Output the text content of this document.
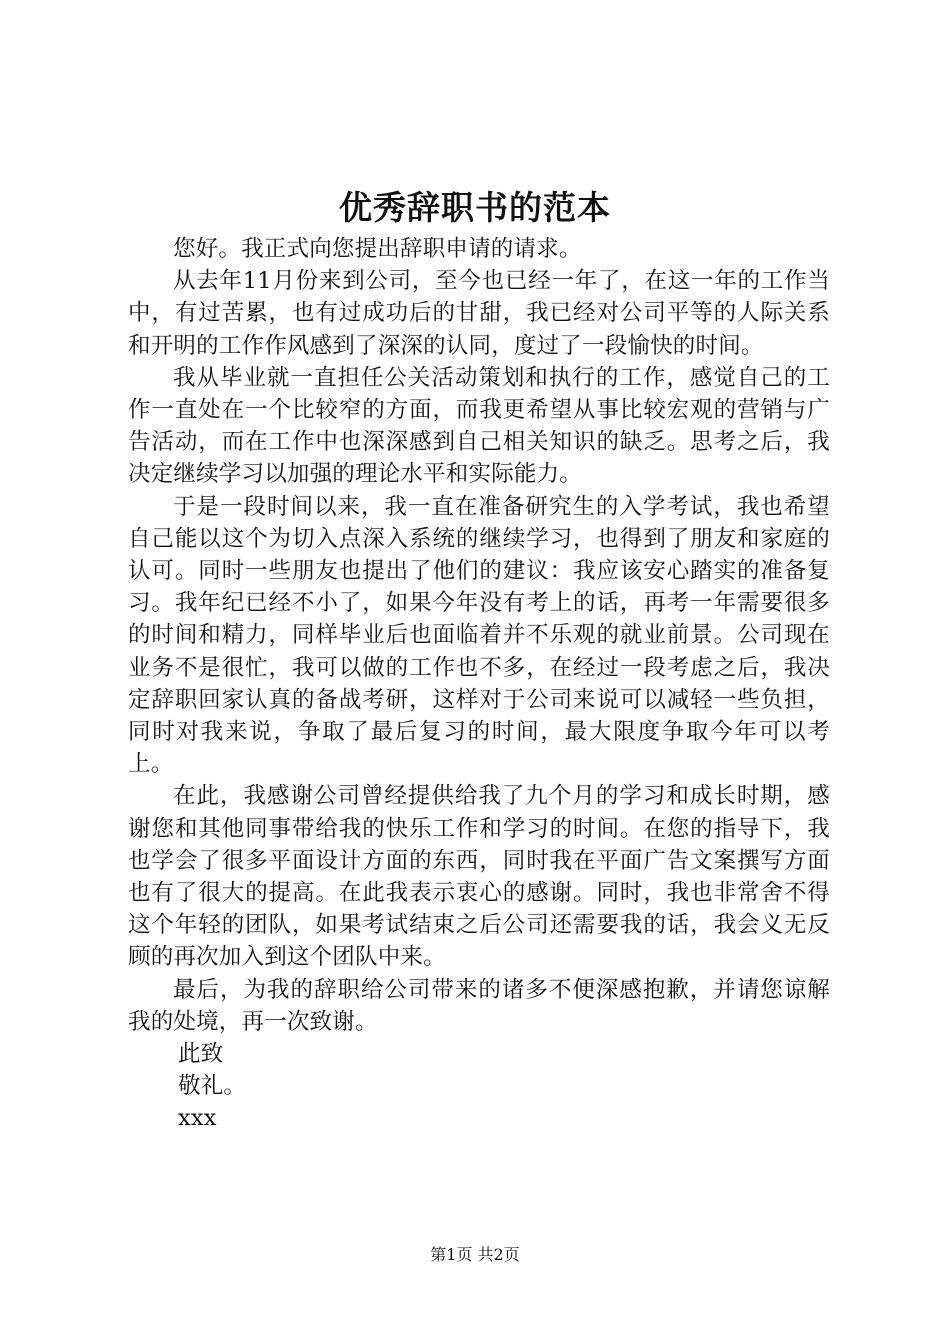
优秀辞职书的范本

您好。我正式向您提出辞职申请的请求。

从去年11月份来到公司，至今也已经一年了，在这一年的工作当中，有过苦累，也有过成功后的甘甜，我已经对公司平等的人际关系和开明的工作作风感到了深深的认同，度过了一段愉快的时间。

我从毕业就一直担任公关活动策划和执行的工作，感觉自己的工作一直处在一个比较窄的方面，而我更希望从事比较宏观的营销与广告活动，而在工作中也深深感到自己相关知识的缺乏。思考之后，我决定继续学习以加强的理论水平和实际能力。

于是一段时间以来，我一直在准备研究生的入学考试，我也希望自己能以这个为切入点深入系统的继续学习，也得到了朋友和家庭的认可。同时一些朋友也提出了他们的建议：我应该安心踏实的准备复习。我年纪已经不小了，如果今年没有考上的话，再考一年需要很多的时间和精力，同样毕业后也面临着并不乐观的就业前景。公司现在业务不是很忙，我可以做的工作也不多，在经过一段考虑之后，我决定辞职回家认真的备战考研，这样对于公司来说可以减轻一些负担，同时对我来说，争取了最后复习的时间，最大限度争取今年可以考上。

在此，我感谢公司曾经提供给我了九个月的学习和成长时期，感谢您和其他同事带给我的快乐工作和学习的时间。在您的指导下，我也学会了很多平面设计方面的东西，同时我在平面广告文案撰写方面也有了很大的提高。在此我表示衷心的感谢。同时，我也非常舍不得这个年轻的团队，如果考试结束之后公司还需要我的话，我会义无反顾的再次加入到这个团队中来。

最后，为我的辞职给公司带来的诸多不便深感抱歉，并请您谅解我的处境，再一次致谢。

此致

敬礼。

xxx

第1页 共2页
